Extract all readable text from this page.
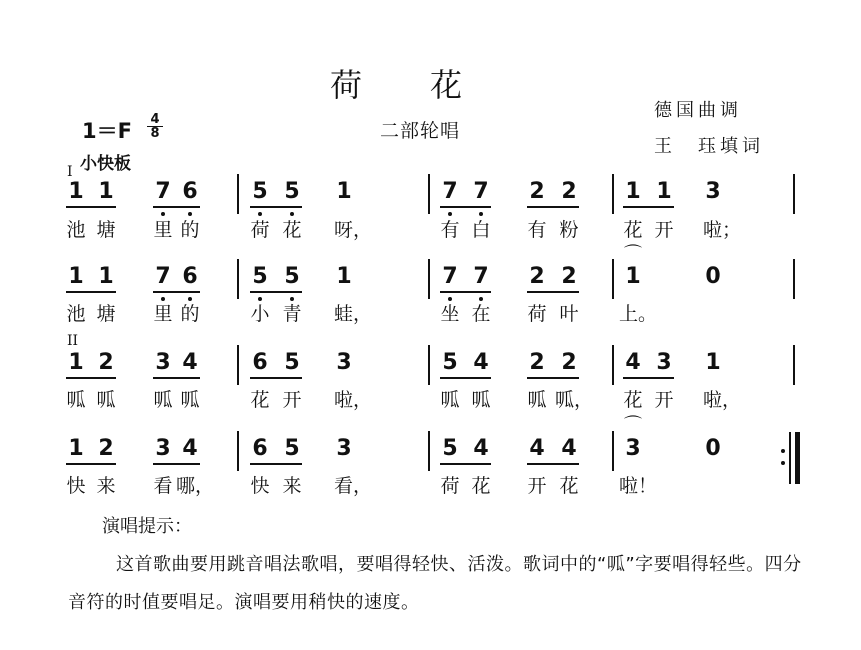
荷花
1＝F 4
8	二部轮唱
德国曲调
王　珏填词
小快板
I
II
1 1 7 6 5 5 1	7 7 2 2 1 1 3
池 塘 里 的	荷 花 呀，	有 白 有 粉 花 开 啦；
1 1 7 6 5 5 1	7 7 2 2
⌒
1	0
池 塘 里 的	小 青 蛙，	坐 在 荷 叶 上。
1 2 3 4 6 5 3	5 4 2 2 4 3 1
呱 呱 呱 呱	花 开 啦，	呱 呱 呱 呱， 花 开 啦，
1 2 3 4 6 5 3	5 4 4 4
⌒
3	0
快 来 看 哪， 快 来 看，	荷 花 开 花 啦！
演唱提示：
这首歌曲要用跳音唱法歌唱，要唱得轻快、活泼。歌词中的“呱”字要唱得轻些。四分音符的时值要唱足。演唱要用稍快的速度。
